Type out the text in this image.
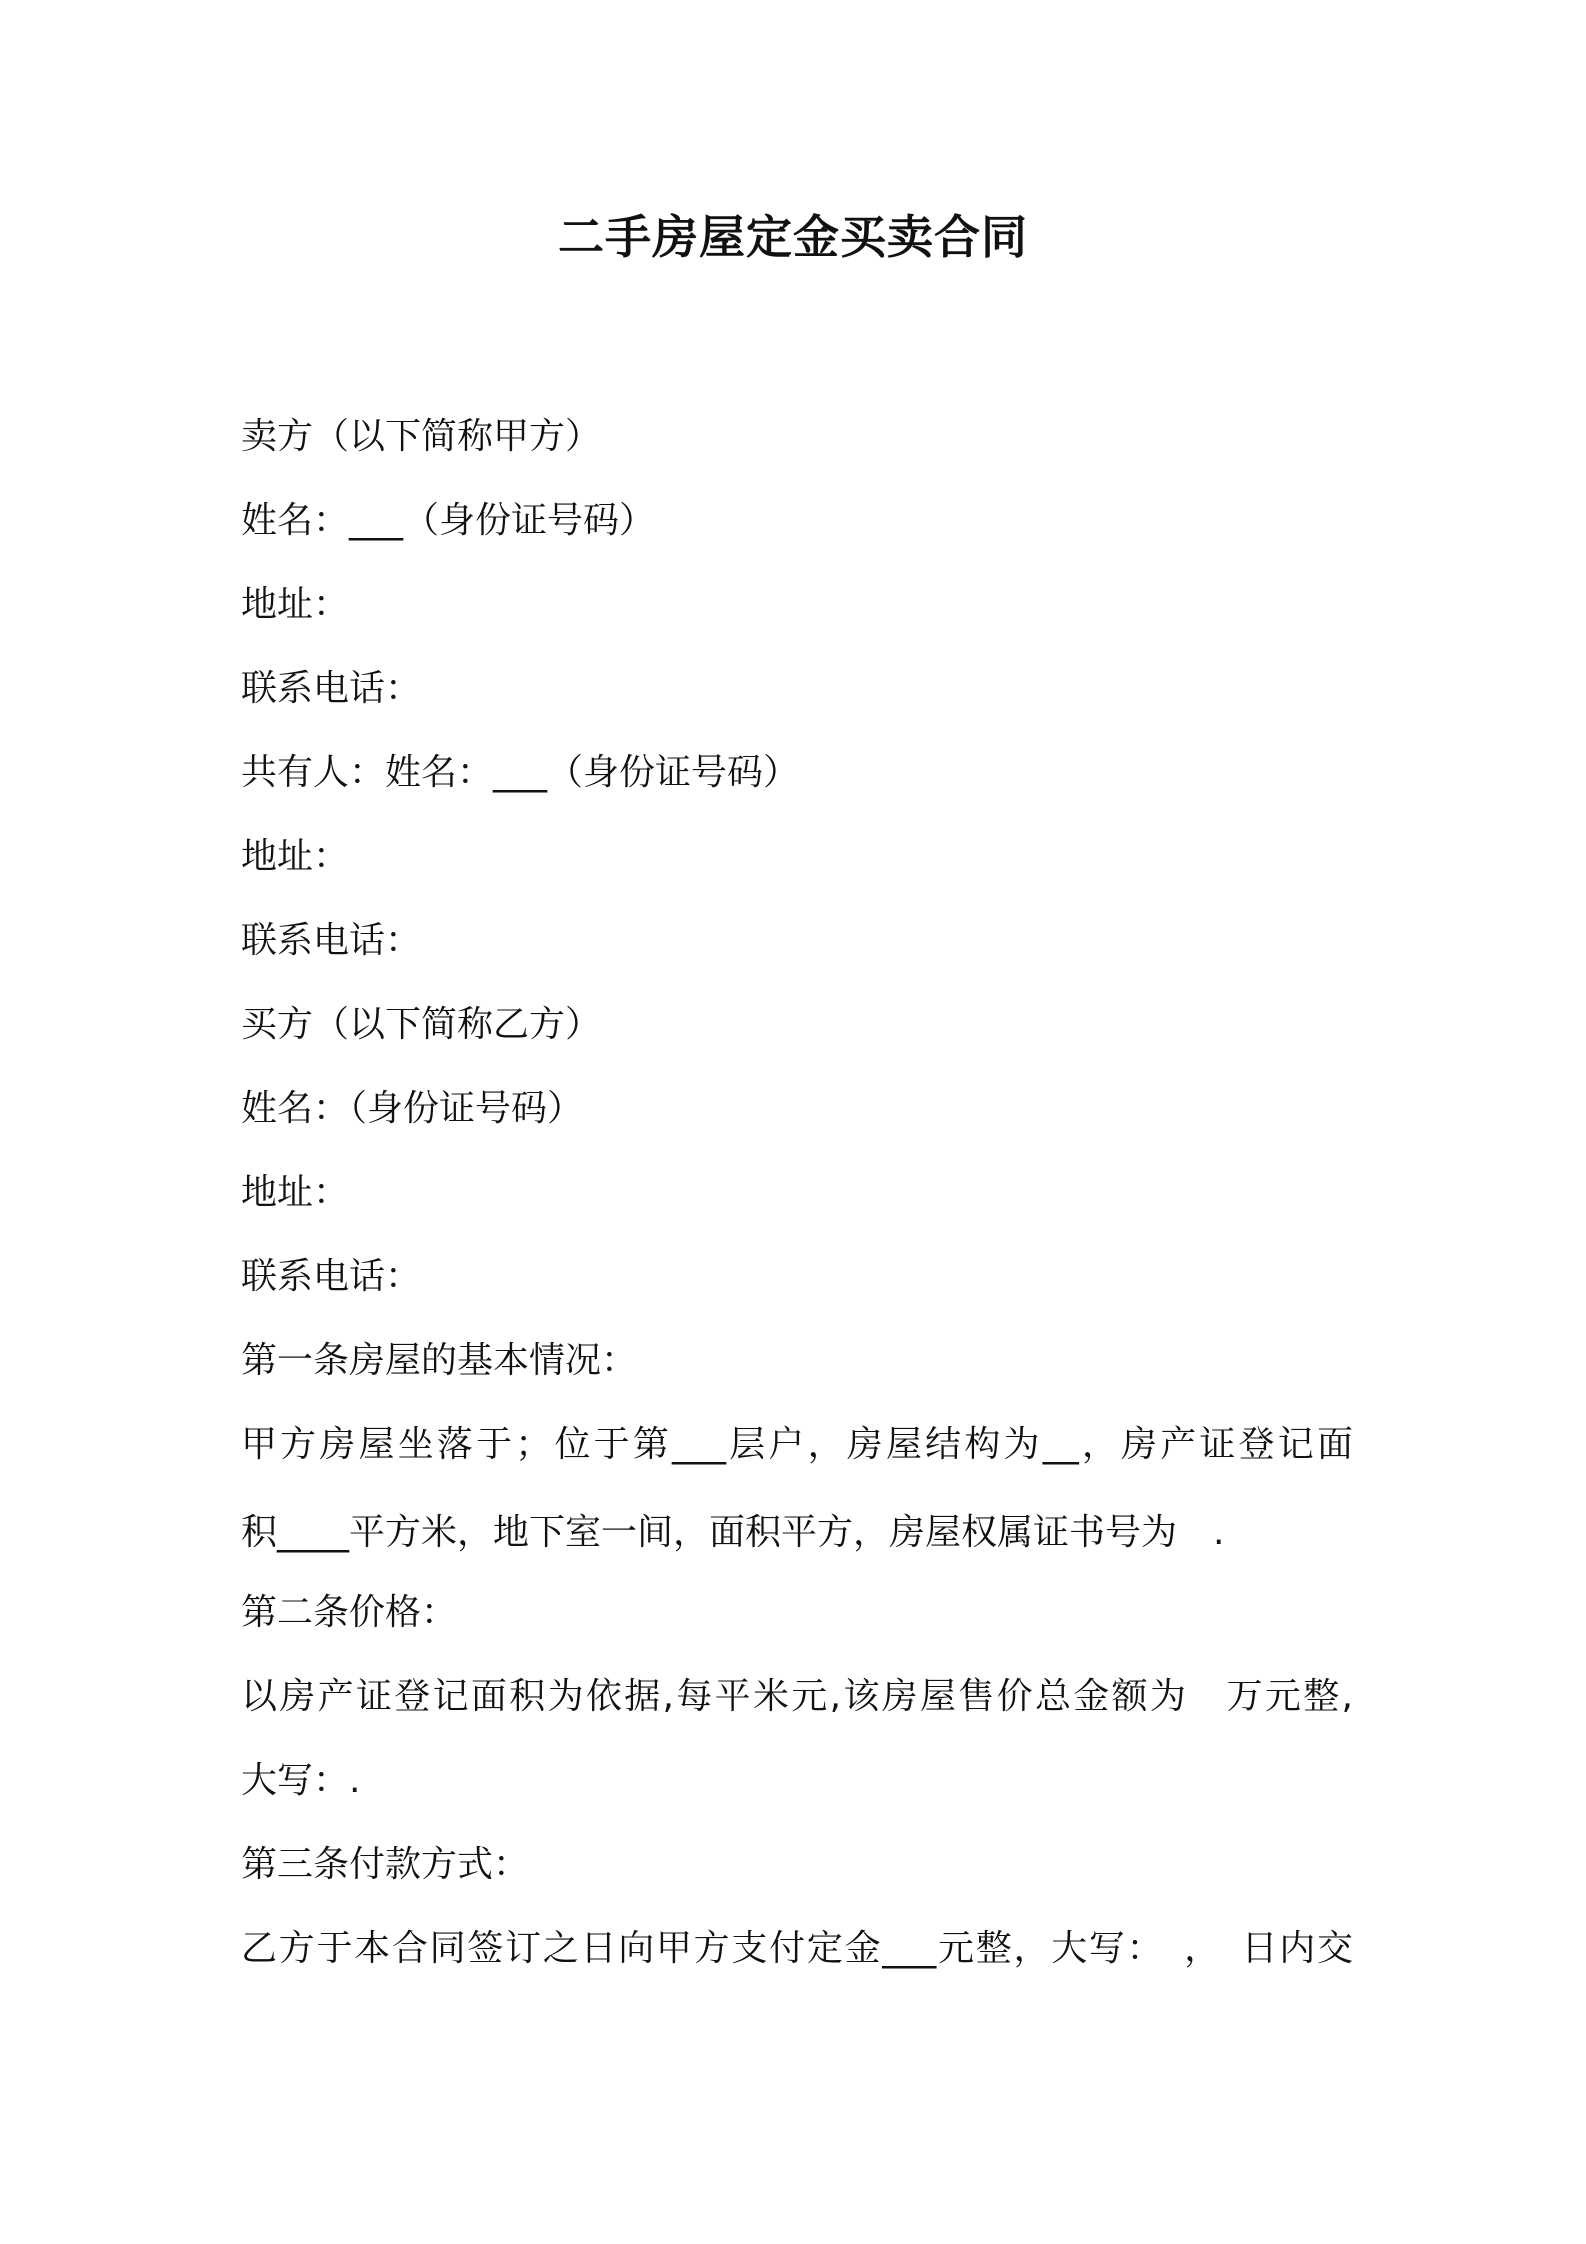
二手房屋定金买卖合同
卖方（以下简称甲方）
姓名：___（身份证号码）
地址：
联系电话：
共有人：姓名：___（身份证号码）
地址：
联系电话：
买方（以下简称乙方）
姓名：（身份证号码）
地址：
联系电话：
第一条房屋的基本情况：
甲方房屋坐落于；位于第___层户，房屋结构为__，房产证登记面
积____平方米，地下室一间，面积平方，房屋权属证书号为　.
第二条价格：
以房产证登记面积为依据,每平米元,该房屋售价总金额为　万元整,
大写：.
第三条付款方式：
乙方于本合同签订之日向甲方支付定金___元整，大写：　，　日内交
